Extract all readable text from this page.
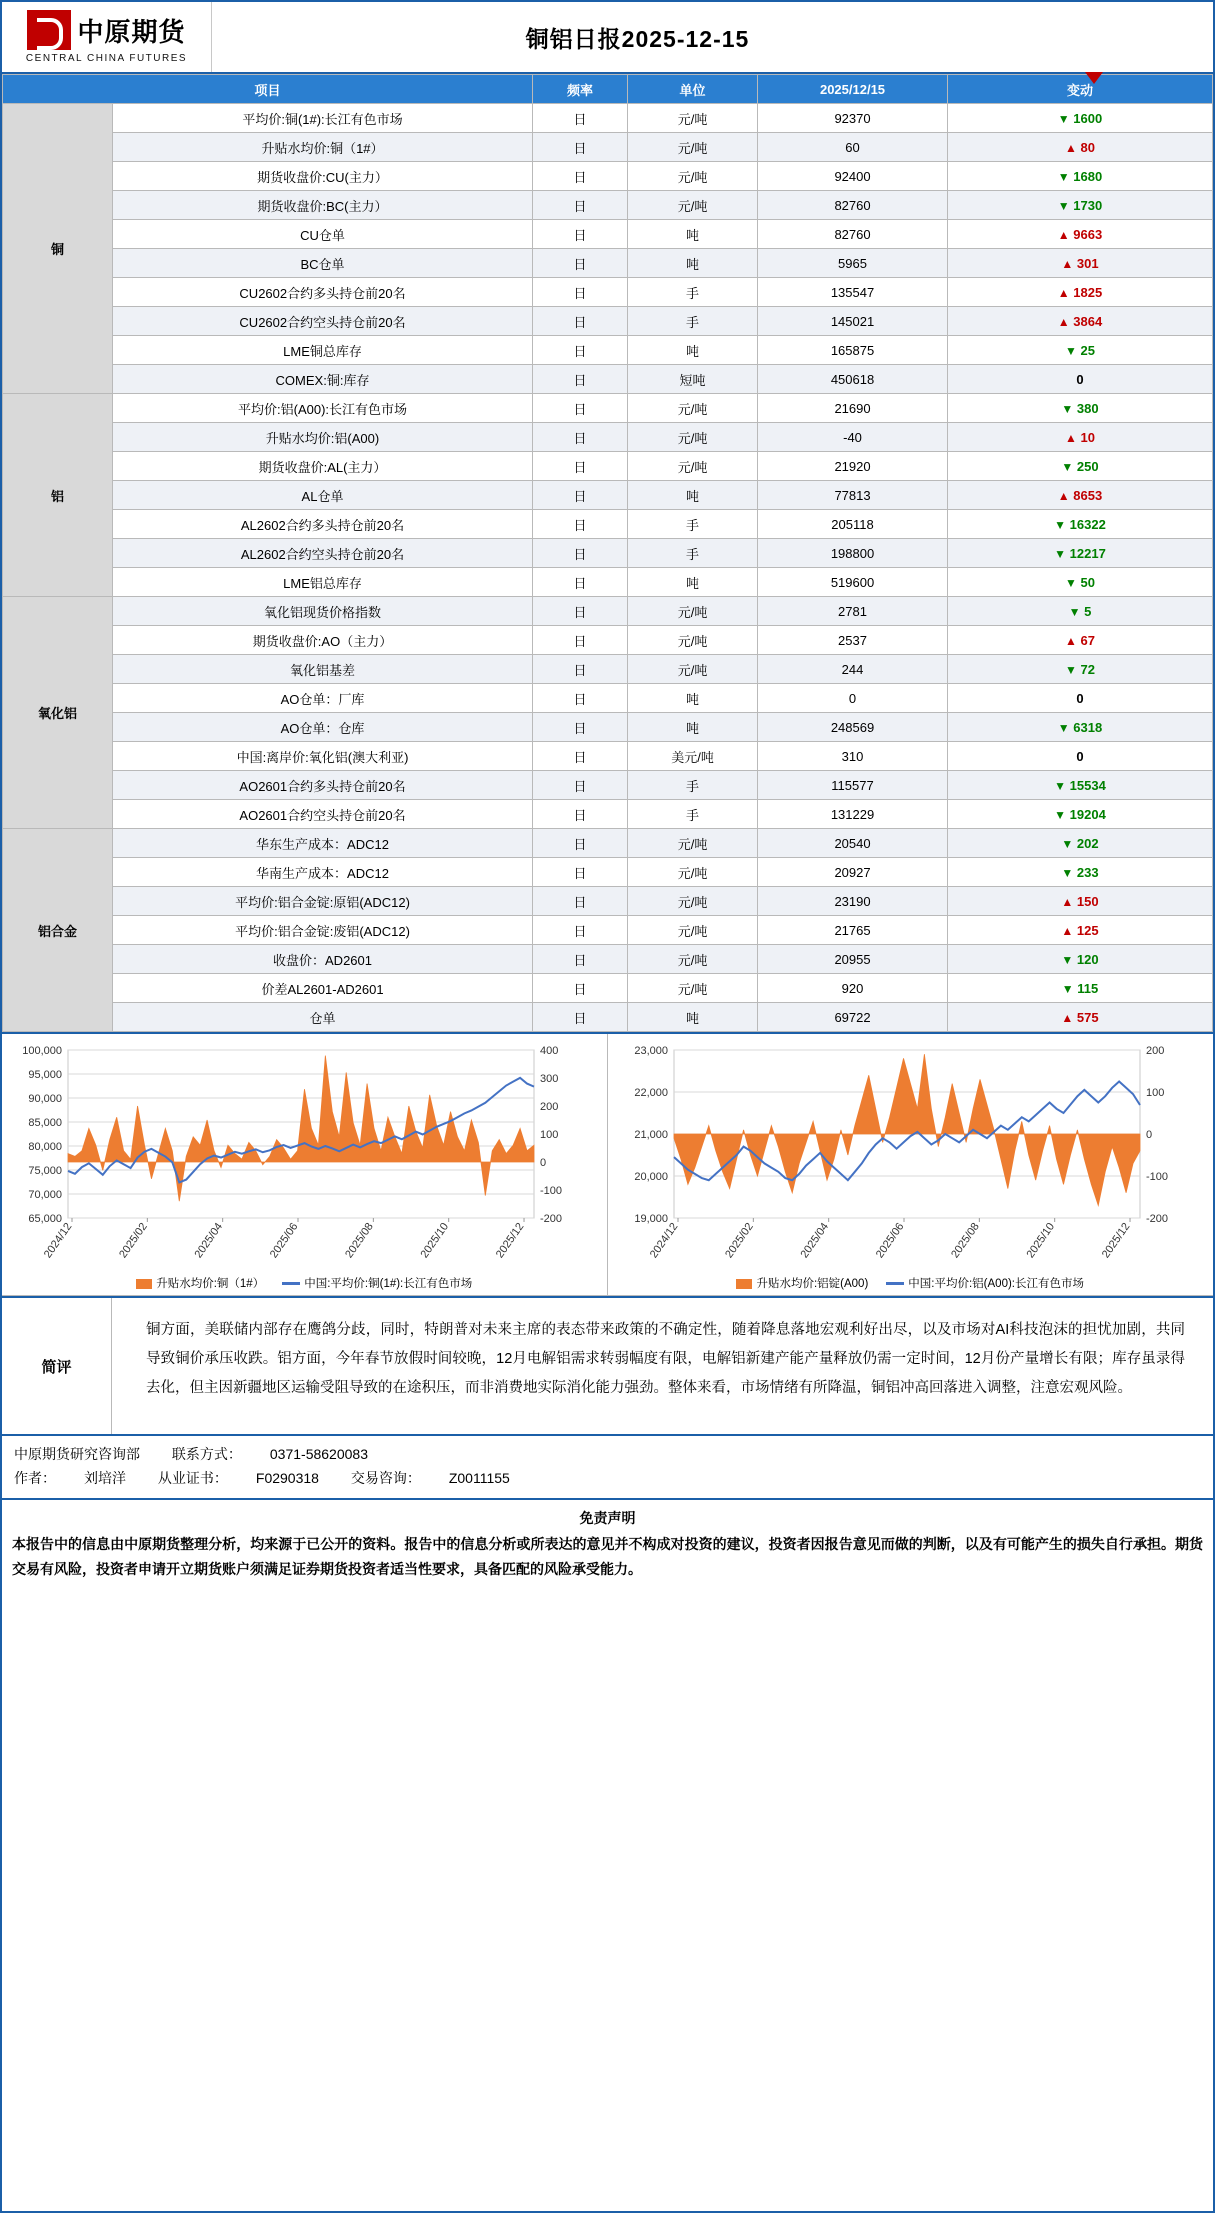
中原期货
CENTRAL CHINA FUTURES
铜铝日报2025-12-15
项目		频率	单位	2025/12/15	变动
铜	平均价:铜(1#):长江有色市场	日	元/吨	92370	▼ 1600
	升贴水均价:铜（1#）	日	元/吨	60	▲ 80
	期货收盘价:CU(主力）	日	元/吨	92400	▼ 1680
	期货收盘价:BC(主力）	日	元/吨	82760	▼ 1730
	CU仓单	日	吨	82760	▲ 9663
	BC仓单	日	吨	5965	▲ 301
	CU2602合约多头持仓前20名	日	手	135547	▲ 1825
	CU2602合约空头持仓前20名	日	手	145021	▲ 3864
	LME铜总库存	日	吨	165875	▼ 25
	COMEX:铜:库存	日	短吨	450618	0
铝	平均价:铝(A00):长江有色市场	日	元/吨	21690	▼ 380
	升贴水均价:铝(A00)	日	元/吨	-40	▲ 10
	期货收盘价:AL(主力）	日	元/吨	21920	▼ 250
	AL仓单	日	吨	77813	▲ 8653
	AL2602合约多头持仓前20名	日	手	205118	▼ 16322
	AL2602合约空头持仓前20名	日	手	198800	▼ 12217
	LME铝总库存	日	吨	519600	▼ 50
氧化铝	氧化铝现货价格指数	日	元/吨	2781	▼ 5
	期货收盘价:AO（主力）	日	元/吨	2537	▲ 67
	氧化铝基差	日	元/吨	244	▼ 72
	AO仓单：厂库	日	吨	0	0
	AO仓单：仓库	日	吨	248569	▼ 6318
	中国:离岸价:氧化铝(澳大利亚)	日	美元/吨	310	0
	AO2601合约多头持仓前20名	日	手	115577	▼ 15534
	AO2601合约空头持仓前20名	日	手	131229	▼ 19204
铝合金	华东生产成本：ADC12	日	元/吨	20540	▼ 202
	华南生产成本：ADC12	日	元/吨	20927	▼ 233
	平均价:铝合金锭:原铝(ADC12)	日	元/吨	23190	▲ 150
	平均价:铝合金锭:废铝(ADC12)	日	元/吨	21765	▲ 125
	收盘价：AD2601	日	元/吨	20955	▼ 120
	价差AL2601-AD2601	日	元/吨	920	▼ 115
	仓单	日	吨	69722	▲ 575
65,000
70,000
75,000
80,000
85,000
90,000
95,000
100,000
-200
-100
0
100
200
300
400
2024/12	2025/02	2025/04	2025/06	2025/08	2025/10	2025/12
升贴水均价:铜（1#）	中国:平均价:铜(1#):长江有色市场
19,000
20,000
21,000
22,000
23,000
-200
-100
0
100
200
2024/12	2025/02	2025/04	2025/06	2025/08	2025/10	2025/12
升贴水均价:铝锭(A00)	中国:平均价:铝(A00):长江有色市场
简评
铜方面，美联储内部存在鹰鸽分歧，同时，特朗普对未来主席的表态带来政策的不确定性，随着降息落地宏观利好出尽，以及市场对AI科技泡沫的担忧加剧，共同导致铜价承压收跌。铝方面，今年春节放假时间较晚，12月电解铝需求转弱幅度有限，电解铝新建产能产量释放仍需一定时间，12月份产量增长有限；库存虽录得去化，但主因新疆地区运输受阻导致的在途积压，而非消费地实际消化能力强劲。整体来看，市场情绪有所降温，铜铝冲高回落进入调整，注意宏观风险。
中原期货研究咨询部 联系方式： 0371-58620083
作者： 刘培洋 从业证书： F0290318 交易咨询： Z0011155
免责声明
本报告中的信息由中原期货整理分析，均来源于已公开的资料。报告中的信息分析或所表达的意见并不构成对投资的建议，投资者因报告意见而做的判断，以及有可能产生的损失自行承担。期货交易有风险，投资者申请开立期货账户须满足证券期货投资者适当性要求，具备匹配的风险承受能力。
